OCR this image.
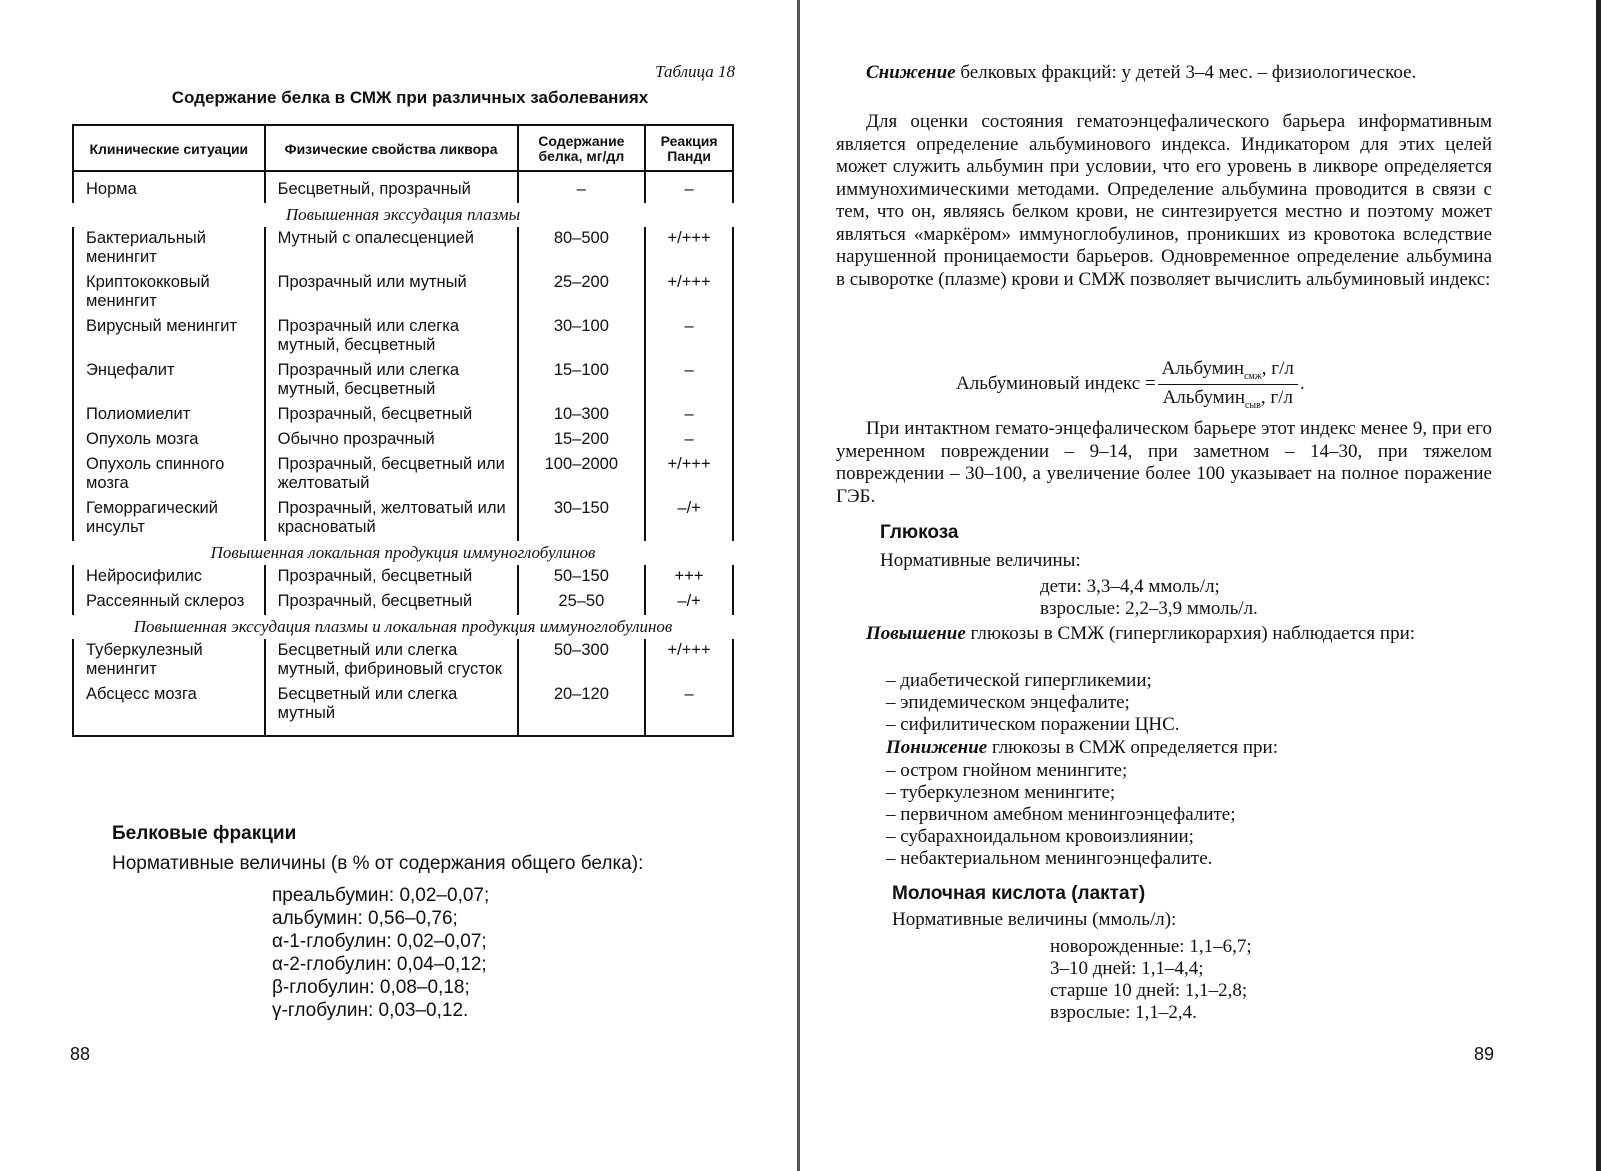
Таблица 18
Содержание белка в СМЖ при различных заболеваниях
Клинические ситуации	Физические свойства ликвора	Содержание белка, мг/дл	Реакция Панди
Норма	Бесцветный, прозрачный	–	–
Повышенная экссудация плазмы			
Бактериальный менингит	Мутный с опалесценцией	80–500	+/+++
Криптококковый менингит	Прозрачный или мутный	25–200	+/+++
Вирусный менингит	Прозрачный или слегка мутный, бесцветный	30–100	–
Энцефалит	Прозрачный или слегка мутный, бесцветный	15–100	–
Полиомиелит	Прозрачный, бесцветный	10–300	–
Опухоль мозга	Обычно прозрачный	15–200	–
Опухоль спинного мозга	Прозрачный, бесцветный или желтоватый	100–2000	+/+++
Геморрагический инсульт	Прозрачный, желтоватый или красноватый	30–150	–/+
Повышенная локальная продукция иммуноглобулинов			
Нейросифилис	Прозрачный, бесцветный	50–150	+++
Рассеянный склероз	Прозрачный, бесцветный	25–50	–/+
Повышенная экссудация плазмы и локальная продукция иммуноглобулинов			
Туберкулезный менингит	Бесцветный или слегка мутный, фибриновый сгусток	50–300	+/+++
Абсцесс мозга	Бесцветный или слегка мутный	20–120	–
Белковые фракции
Нормативные величины (в % от содержания общего белка):
преальбумин: 0,02–0,07;
альбумин: 0,56–0,76;
α-1-глобулин: 0,02–0,07;
α-2-глобулин: 0,04–0,12;
β-глобулин: 0,08–0,18;
γ-глобулин: 0,03–0,12.
88

Снижение белковых фракций: у детей 3–4 мес. – физиологическое.

Для оценки состояния гематоэнцефалического барьера информативным является определение альбуминового индекса. Индикатором для этих целей может служить альбумин при условии, что его уровень в ликворе определяется иммунохимическими методами. Определение альбумина проводится в связи с тем, что он, являясь белком крови, не синтезируется местно и поэтому может являться «маркёром» иммуноглобулинов, проникших из кровотока вследствие нарушенной проницаемости барьеров. Одновременное определение альбумина в сыворотке (плазме) крови и СМЖ позволяет вычислить альбуминовый индекс:

Альбуминовый индекс = $\frac{Альбумин_{смж}, г/л}{Альбумин_{сыв}, г/л}$ .

При интактном гемато-энцефалическом барьере этот индекс менее 9, при его умеренном повреждении – 9–14, при заметном – 14–30, при тяжелом повреждении – 30–100, а увеличение более 100 указывает на полное поражение ГЭБ.

Глюкоза
Нормативные величины:
дети: 3,3–4,4 ммоль/л;
взрослые: 2,2–3,9 ммоль/л.

Повышение глюкозы в СМЖ (гипергликорархия) наблюдается при:

– диабетической гипергликемии;
– эпидемическом энцефалите;
– сифилитическом поражении ЦНС.
Понижение глюкозы в СМЖ определяется при:
– остром гнойном менингите;
– туберкулезном менингите;
– первичном амебном менингоэнцефалите;
– субарахноидальном кровоизлиянии;
– небактериальном менингоэнцефалите.
Молочная кислота (лактат)
Нормативные величины (ммоль/л):
новорожденные: 1,1–6,7;
3–10 дней: 1,1–4,4;
старше 10 дней: 1,1–2,8;
взрослые: 1,1–2,4.
89
